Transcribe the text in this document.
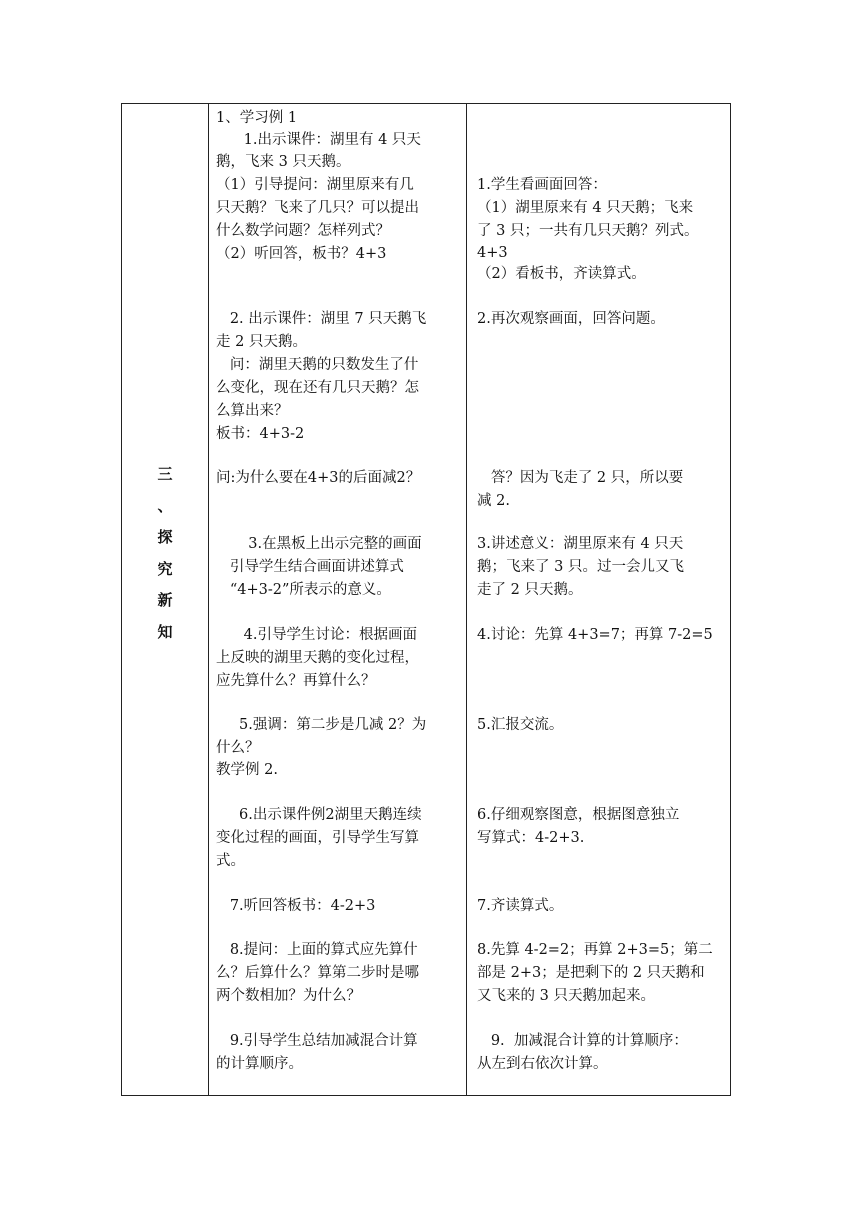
三
、
探
究
新
知

1、学习例 1

1.出示课件：湖里有 4 只天

鹅，飞来 3 只天鹅。

（1）引导提问：湖里原来有几

只天鹅？飞来了几只？可以提出

什么数学问题？怎样列式？

（2）听回答，板书？4+3

2. 出示课件：湖里 7 只天鹅飞

走 2 只天鹅。

问：湖里天鹅的只数发生了什

么变化，现在还有几只天鹅？怎

么算出来？

板书：4+3-2

问:为什么要在4+3的后面减2？

3.在黑板上出示完整的画面

引导学生结合画面讲述算式

“4+3-2”所表示的意义。

4.引导学生讨论：根据画面

上反映的湖里天鹅的变化过程，

应先算什么？再算什么？

5.强调：第二步是几减 2？为

什么？

教学例 2.

6.出示课件例2湖里天鹅连续

变化过程的画面，引导学生写算

式。

7.听回答板书：4-2+3

8.提问：上面的算式应先算什

么？后算什么？算第二步时是哪

两个数相加？为什么？

9.引导学生总结加减混合计算

的计算顺序。

1.学生看画面回答：

（1）湖里原来有 4 只天鹅；飞来

了 3 只；一共有几只天鹅？列式。

4+3

（2）看板书，齐读算式。

2.再次观察画面，回答问题。

答？因为飞走了 2 只，所以要

减 2.

3.讲述意义：湖里原来有 4 只天

鹅；飞来了 3 只。过一会儿又飞

走了 2 只天鹅。

4.讨论：先算 4+3=7；再算 7-2=5

5.汇报交流。

6.仔细观察图意，根据图意独立

写算式：4-2+3.

7.齐读算式。

8.先算 4-2=2；再算 2+3=5；第二

部是 2+3；是把剩下的 2 只天鹅和

又飞来的 3 只天鹅加起来。

9.  加减混合计算的计算顺序：

从左到右依次计算。
